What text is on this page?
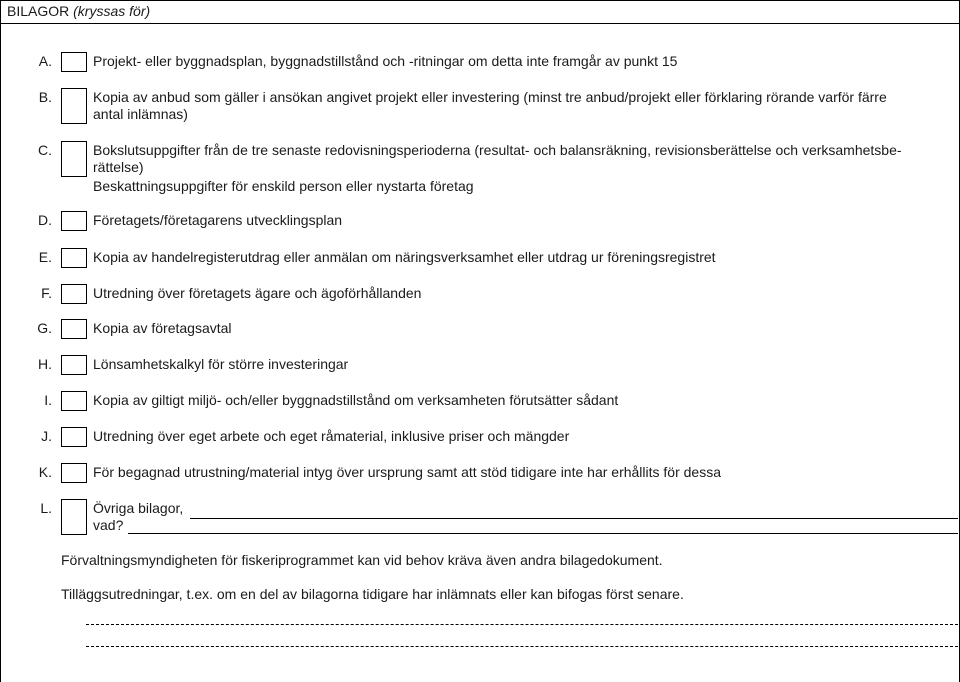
BILAGOR (kryssas för)
A.	Projekt- eller byggnadsplan, byggnadstillstånd och -ritningar om detta inte framgår av punkt 15
B.	Kopia av anbud som gäller i ansökan angivet projekt eller investering (minst tre anbud/projekt eller förklaring rörande varför färre
antal inlämnas)
C.	Bokslutsuppgifter från de tre senaste redovisningsperioderna (resultat- och balansräkning, revisionsberättelse och verksamhetsbe-
rättelse)
Beskattningsuppgifter för enskild person eller nystarta företag
D.	Företagets/företagarens utvecklingsplan
E.	Kopia av handelregisterutdrag eller anmälan om näringsverksamhet eller utdrag ur föreningsregistret
F.	Utredning över företagets ägare och ägoförhållanden
G.	Kopia av företagsavtal
H.	Lönsamhetskalkyl för större investeringar
I.	Kopia av giltigt miljö- och/eller byggnadstillstånd om verksamheten förutsätter sådant
J.	Utredning över eget arbete och eget råmaterial, inklusive priser och mängder
K.	För begagnad utrustning/material intyg över ursprung samt att stöd tidigare inte har erhållits för dessa
L.	Övriga bilagor,
vad?
Förvaltningsmyndigheten för fiskeriprogrammet kan vid behov kräva även andra bilagedokument.
Tilläggsutredningar, t.ex. om en del av bilagorna tidigare har inlämnats eller kan bifogas först senare.
